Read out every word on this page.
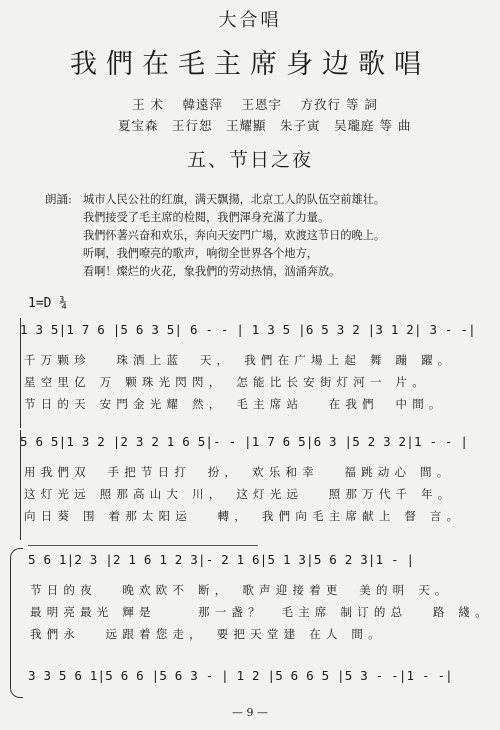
大合唱
我們在毛主席身边歌唱
王 术　 韓遠萍　 王恩宇　 方孜行 等 詞
夏宝森　王行恕　王耀顯　朱子寅　吴瓏庭 等 曲
五、节日之夜
朗誦: 城市人民公社的红旗，满天飘揚，北京工人的队伍空前雄壮。
我們接受了毛主席的检閱，我們渾身充滿了力量。
我們怀著兴奋和欢乐，奔向天安門广場，欢渡这节日的晚上。
听啊，我們嘹亮的歌声，响彻全世界各个地方，
看啊！燦烂的火花，象我們的劳动热情，汹涌奔放。
1=D ¾
1 3 5|1 7 6 |5 6 3 5| 6 - - | 1 3 5 |6 5 3 2 |3 1 2| 3 - -|
千万颗珍　 珠洒上蓝　天，　我們在广場上起 舞 蹦 躍。
星空里亿 万 颗珠光閃閃，　怎能比长安街灯河一 片。
节日的天 安門金光耀 然，　毛主席站　 在我們　中間。
5 6 5|1 3 2 |2 3 2 1 6 5|- - |1 7 6 5|6 3 |5 2 3 2|1 - - |
用我們双　手把节日打　扮，　欢乐和幸　 福跳动心 間。
这灯光远 照那高山大 川，　这灯光远　 照那万代千 年。
向日葵 围 着那太阳运　 轉，　我們向毛主席献上 督 言。
5 6 1|2 3 |2 1 6 1 2 3|- 2 1 6|5 1 3|5 6 2 3|1 - |
节日的夜　 晚欢欧不 断，　歌声迎接着更　美的明 天。
最明亮最光 輝是　　 那一盏？　毛主席 制订的总　 路 綫。
我們永　 远跟着您走，　要把天堂建 在人 間。
3 3 5 6 1|5 6 6 |5 6 3 - | 1 2 |5 6 6 5 |5 3 - -|1 - -|
— 9 —
